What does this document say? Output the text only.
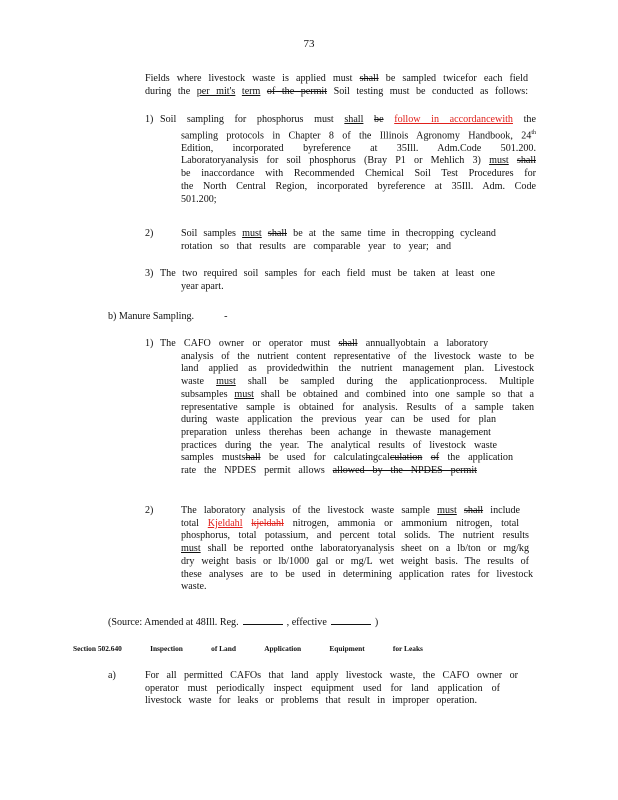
73
Fields where livestock waste is applied must shall be sampled twicefor each field
during the per mit's term of the permit Soil testing must be conducted as follows:
1) Soil sampling for phosphorus must shall be follow in accordancewith the
sampling protocols in Chapter 8 of the Illinois Agronomy Handbook, 24th
Edition, incorporated byreference at 35Ill. Adm.Code 501.200.
Laboratoryanalysis for soil phosphorus (Bray P1 or Mehlich 3) must shall
be inaccordance with Recommended Chemical Soil Test Procedures for
the North Central Region, incorporated byreference at 35Ill. Adm. Code
501.200;
2)	Soil samples must shall be at the same time in thecropping cycleand
rotation so that results are comparable year to year; and
3) The two required soil samples for each field must be taken at least one
year apart.
b) Manure Sampling.	-
1) The CAFO owner or operator must shall annuallyobtain a laboratory
analysis of the nutrient content representative of the livestock waste to be
land applied as providedwithin the nutrient management plan. Livestock
waste must shall be sampled during the applicationprocess. Multiple
subsamples must shall be obtained and combined into one sample so that a
representative sample is obtained for analysis. Results of a sample taken
during waste application the previous year can be used for plan
preparation unless therehas been achange in thewaste management
practices during the year. The analytical results of livestock waste
samples mustshall be used for calculatingcalculation of the application
rate the NPDES permit allows allowed by the NPDES permit
2)	The laboratory analysis of the livestock waste sample must shall include
total Kjeldahl kjeldahl nitrogen, ammonia or ammonium nitrogen, total
phosphorus, total potassium, and percent total solids. The nutrient results
must shall be reported onthe laboratoryanalysis sheet on a lb/ton or mg/kg
dry weight basis or lb/1000 gal or mg/L wet weight basis. The results of
these analyses are to be used in determining application rates for livestock
waste.
(Source: Amended at 48Ill. Reg.	, effective	)
Section 502.640	Inspection	of Land	Application	Equipment	for Leaks
a)	For all permitted CAFOs that land apply livestock waste, the CAFO owner or
operator must periodically inspect equipment used for land application of
livestock waste for leaks or problems that result in improper operation.
